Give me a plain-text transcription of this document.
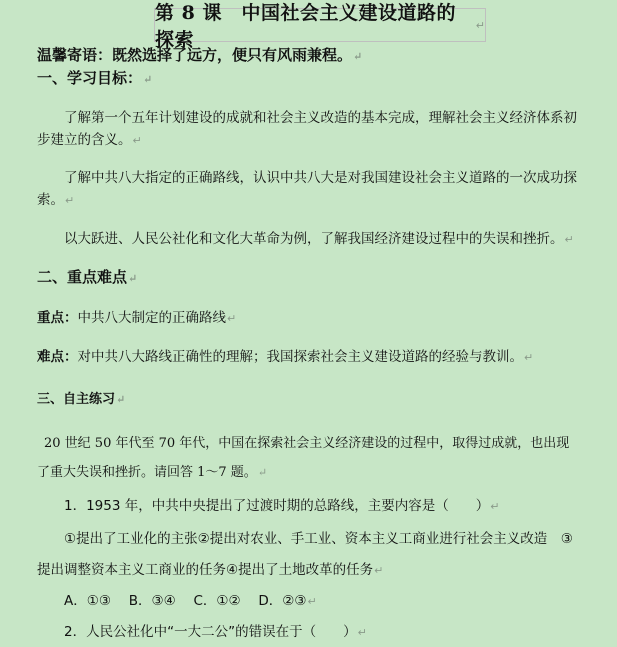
第 8 课　中国社会主义建设道路的探索
↵
温馨寄语：既然选择了远方，便只有风雨兼程。↵
一、学习目标：↵
了解第一个五年计划建设的成就和社会主义改造的基本完成，理解社会主义经济体系初
步建立的含义。↵
了解中共八大指定的正确路线，认识中共八大是对我国建设社会主义道路的一次成功探
索。↵
以大跃进、人民公社化和文化大革命为例，了解我国经济建设过程中的失误和挫折。↵
二、重点难点↵
重点：中共八大制定的正确路线↵
难点：对中共八大路线正确性的理解；我国探索社会主义建设道路的经验与教训。↵
三、自主练习↵
20 世纪 50 年代至 70 年代，中国在探索社会主义经济建设的过程中，取得过成就，也出现
了重大失误和挫折。请回答 1～7 题。↵
1．1953 年，中共中央提出了过渡时期的总路线，主要内容是（　　）↵
①提出了工业化的主张②提出对农业、手工业、资本主义工商业进行社会主义改造　③
提出调整资本主义工商业的任务④提出了土地改革的任务↵
A．①③　 B．③④　 C．①②　 D．②③↵
2．人民公社化中“一大二公”的错误在于（　　）↵
